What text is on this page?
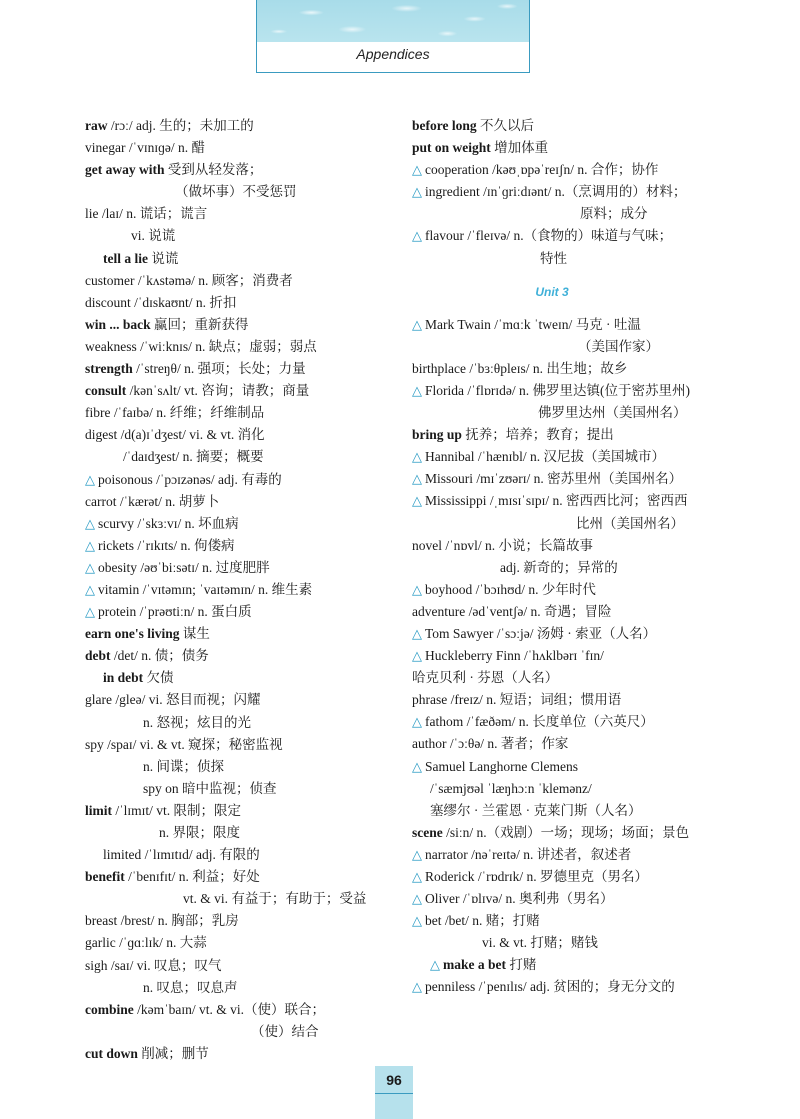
Appendices
raw /rɔː/ adj. 生的；未加工的
vinegar /ˈvɪnɪɡə/ n. 醋
get away with 受到从轻发落；
（做坏事）不受惩罚
lie /laɪ/ n. 谎话；谎言
vi. 说谎
tell a lie 说谎
customer /ˈkʌstəmə/ n. 顾客；消费者
discount /ˈdɪskaʊnt/ n. 折扣
win ... back 赢回；重新获得
weakness /ˈwiːknɪs/ n. 缺点；虚弱；弱点
strength /ˈstreŋθ/ n. 强项；长处；力量
consult /kənˈsʌlt/ vt. 咨询；请教；商量
fibre /ˈfaɪbə/ n. 纤维；纤维制品
digest /d(a)ɪˈdʒest/ vi. & vt. 消化
/ˈdaɪdʒest/ n. 摘要；概要
△ poisonous /ˈpɔɪzənəs/ adj. 有毒的
carrot /ˈkærət/ n. 胡萝卜
△ scurvy /ˈskɜːvɪ/ n. 坏血病
△ rickets /ˈrɪkɪts/ n. 佝偻病
△ obesity /əʊˈbiːsətɪ/ n. 过度肥胖
△ vitamin /ˈvɪtəmɪn; ˈvaɪtəmɪn/ n. 维生素
△ protein /ˈprəʊtiːn/ n. 蛋白质
earn one's living 谋生
debt /det/ n. 债；债务
in debt 欠债
glare /gleə/ vi. 怒目而视；闪耀
n. 怒视；炫目的光
spy /spaɪ/ vi. & vt. 窥探；秘密监视
n. 间谍；侦探
spy on 暗中监视；侦查
limit /ˈlɪmɪt/ vt. 限制；限定
n. 界限；限度
limited /ˈlɪmɪtɪd/ adj. 有限的
benefit /ˈbenɪfɪt/ n. 利益；好处
vt. & vi. 有益于；有助于；受益
breast /brest/ n. 胸部；乳房
garlic /ˈɡɑːlɪk/ n. 大蒜
sigh /saɪ/ vi. 叹息；叹气
n. 叹息；叹息声
combine /kəmˈbaɪn/ vt. & vi.（使）联合；
（使）结合
cut down 削减；删节
before long 不久以后
put on weight 增加体重
△ cooperation /kəʊˌɒpəˈreɪʃn/ n. 合作；协作
△ ingredient /ɪnˈɡriːdɪənt/ n.（烹调用的）材料；
原料；成分
△ flavour /ˈfleɪvə/ n.（食物的）味道与气味；
特性
Unit 3
△ Mark Twain /ˈmɑːk ˈtweɪn/ 马克 · 吐温
（美国作家）
birthplace /ˈbɜːθpleɪs/ n. 出生地；故乡
△ Florida /ˈflɒrɪdə/ n. 佛罗里达镇(位于密苏里州)
佛罗里达州（美国州名）
bring up 抚养；培养；教育；提出
△ Hannibal /ˈhænɪbl/ n. 汉尼拔（美国城市）
△ Missouri /mɪˈzʊərɪ/ n. 密苏里州（美国州名）
△ Mississippi /ˌmɪsɪˈsɪpɪ/ n. 密西西比河；密西西
比州（美国州名）
novel /ˈnɒvl/ n. 小说；长篇故事
adj. 新奇的；异常的
△ boyhood /ˈbɔɪhʊd/ n. 少年时代
adventure /ədˈventʃə/ n. 奇遇；冒险
△ Tom Sawyer /ˈsɔːjə/ 汤姆 · 索亚（人名）
△ Huckleberry Finn /ˈhʌklbərɪ ˈfɪn/
哈克贝利 · 芬恩（人名）
phrase /freɪz/ n. 短语；词组；惯用语
△ fathom /ˈfæðəm/ n. 长度单位（六英尺）
author /ˈɔːθə/ n. 著者；作家
△ Samuel Langhorne Clemens
/ˈsæmjʊəl ˈlæŋhɔːn ˈklemənz/
塞缪尔 · 兰霍恩 · 克莱门斯（人名）
scene /siːn/ n.（戏剧）一场；现场；场面；景色
△ narrator /nəˈreɪtə/ n. 讲述者，叙述者
△ Roderick /ˈrɒdrɪk/ n. 罗德里克（男名）
△ Oliver /ˈɒlɪvə/ n. 奥利弗（男名）
△ bet /bet/ n. 赌；打赌
vi. & vt. 打赌；赌钱
△ make a bet 打赌
△ penniless /ˈpenɪlɪs/ adj. 贫困的；身无分文的
96
